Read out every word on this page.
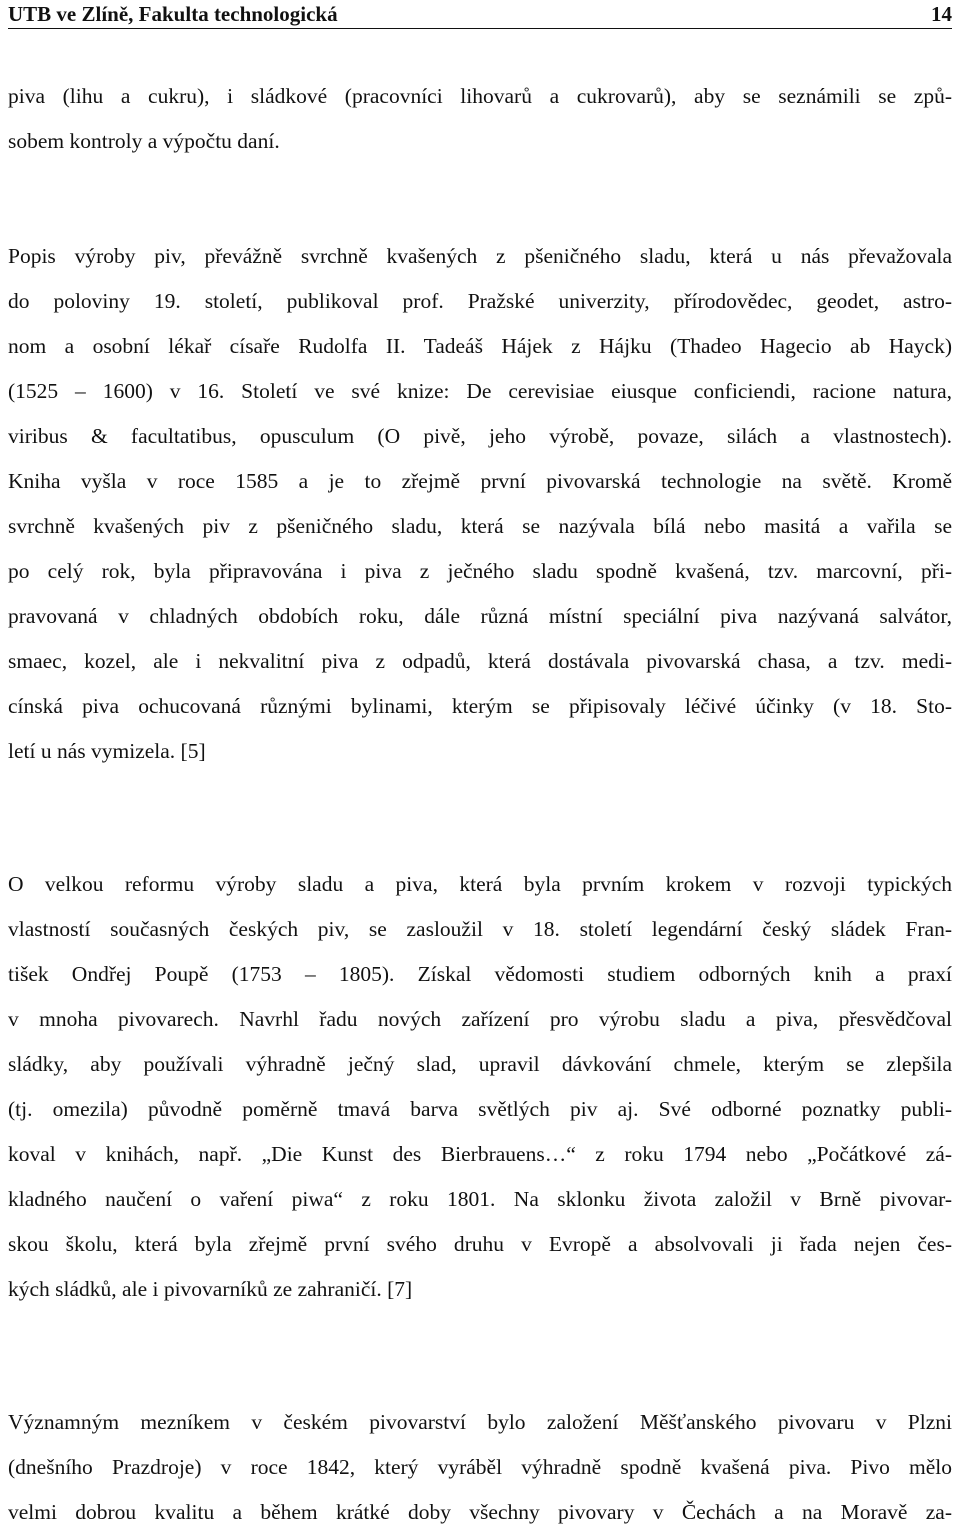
UTB ve Zlíně, Fakulta technologická	14
piva (lihu a cukru), i sládkové (pracovníci lihovarů a cukrovarů), aby se seznámili se způ-
sobem kontroly a výpočtu daní.
Popis výroby piv, převážně svrchně kvašených z pšeničného sladu, která u nás převažovala
do poloviny 19. století, publikoval prof. Pražské univerzity, přírodovědec, geodet, astro-
nom a osobní lékař císaře Rudolfa II. Tadeáš Hájek z Hájku (Thadeo Hagecio ab Hayck)
(1525 – 1600) v 16. Století ve své knize: De cerevisiae eiusque conficiendi, racione natura,
viribus & facultatibus, opusculum (O pivě, jeho výrobě, povaze, silách a vlastnostech).
Kniha vyšla v roce 1585 a je to zřejmě první pivovarská technologie na světě. Kromě
svrchně kvašených piv z pšeničného sladu, která se nazývala bílá nebo masitá a vařila se
po celý rok, byla připravována i piva z ječného sladu spodně kvašená, tzv. marcovní, při-
pravovaná v chladných obdobích roku, dále různá místní speciální piva nazývaná salvátor,
smaec, kozel, ale i nekvalitní piva z odpadů, která dostávala pivovarská chasa, a tzv. medi-
cínská piva ochucovaná různými bylinami, kterým se připisovaly léčivé účinky (v 18. Sto-
letí u nás vymizela. [5]
O velkou reformu výroby sladu a piva, která byla prvním krokem v rozvoji typických
vlastností současných českých piv, se zasloužil v 18. století legendární český sládek Fran-
tišek Ondřej Poupě (1753 – 1805). Získal vědomosti studiem odborných knih a praxí
v mnoha pivovarech. Navrhl řadu nových zařízení pro výrobu sladu a piva, přesvědčoval
sládky, aby používali výhradně ječný slad, upravil dávkování chmele, kterým se zlepšila
(tj. omezila) původně poměrně tmavá barva světlých piv aj. Své odborné poznatky publi-
koval v knihách, např. „Die Kunst des Bierbrauens…“ z roku 1794 nebo „Počátkové zá-
kladného naučení o vaření piwa“ z roku 1801. Na sklonku života založil v Brně pivovar-
skou školu, která byla zřejmě první svého druhu v Evropě a absolvovali ji řada nejen čes-
kých sládků, ale i pivovarníků ze zahraničí. [7]
Významným mezníkem v českém pivovarství bylo založení Měšťanského pivovaru v Plzni
(dnešního Prazdroje) v roce 1842, který vyráběl výhradně spodně kvašená piva. Pivo mělo
velmi dobrou kvalitu a během krátké doby všechny pivovary v Čechách a na Moravě za-
